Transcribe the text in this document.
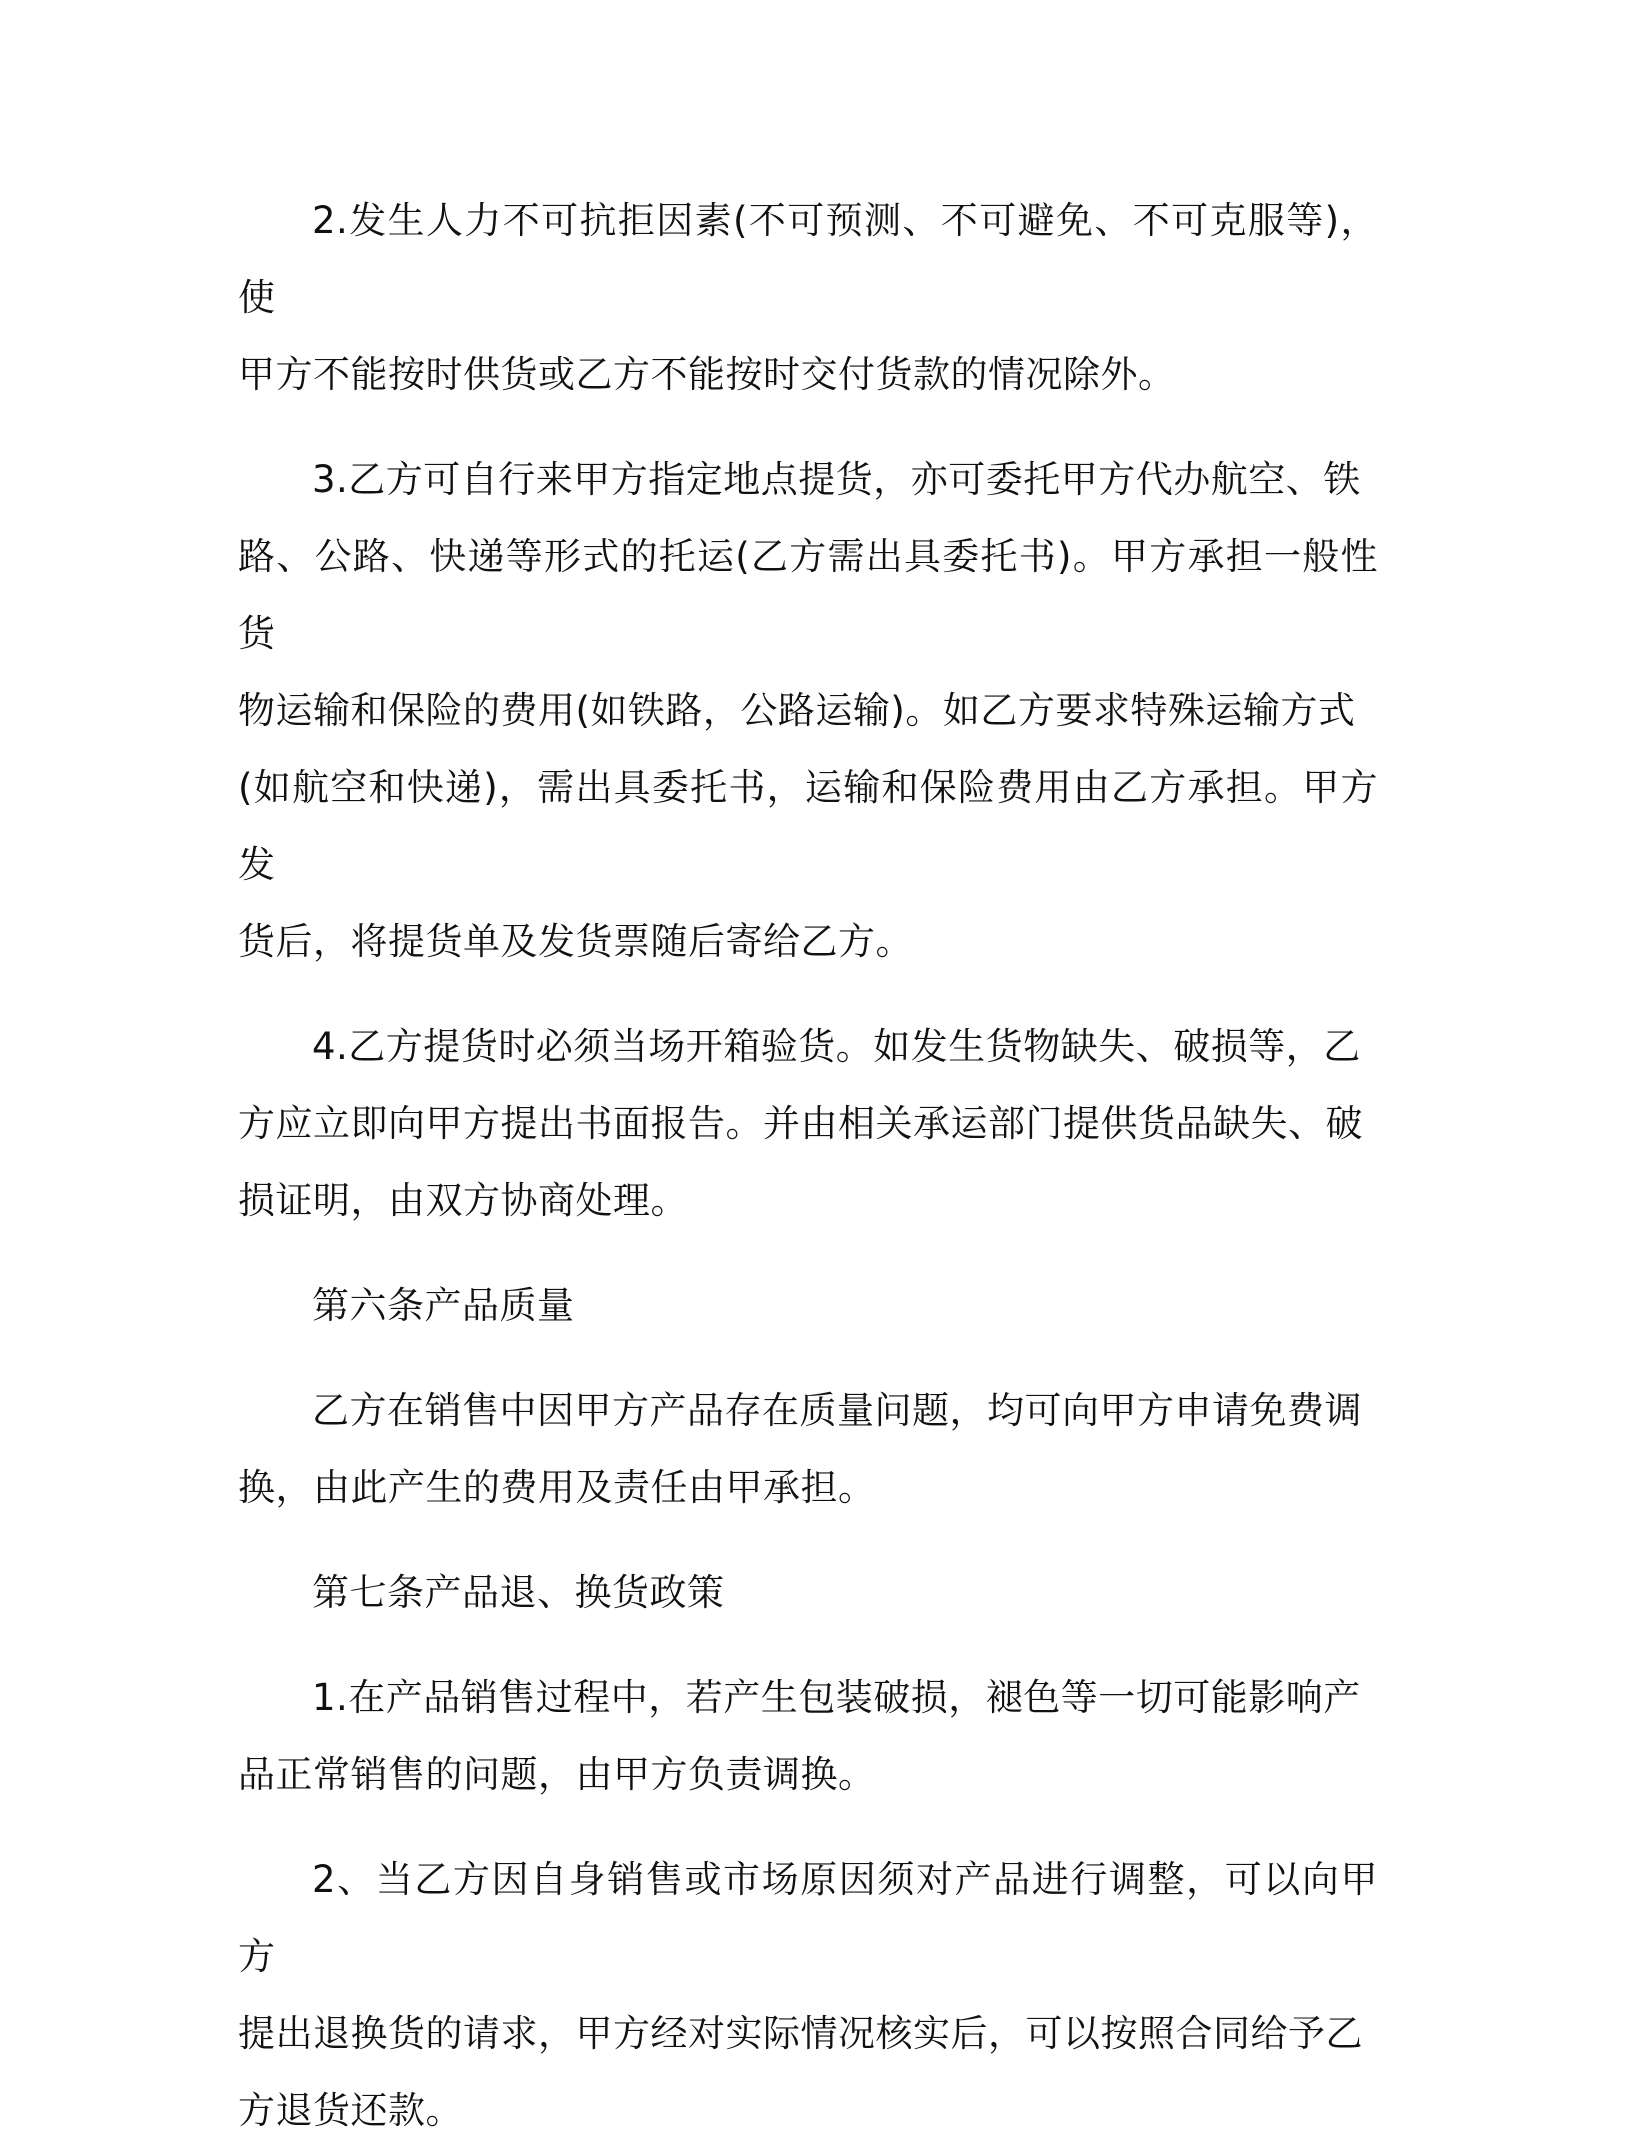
2.发生人力不可抗拒因素(不可预测、不可避免、不可克服等)，使
甲方不能按时供货或乙方不能按时交付货款的情况除外。

3.乙方可自行来甲方指定地点提货，亦可委托甲方代办航空、铁
路、公路、快递等形式的托运(乙方需出具委托书)。甲方承担一般性货
物运输和保险的费用(如铁路，公路运输)。如乙方要求特殊运输方式
(如航空和快递)，需出具委托书，运输和保险费用由乙方承担。甲方发
货后，将提货单及发货票随后寄给乙方。

4.乙方提货时必须当场开箱验货。如发生货物缺失、破损等，乙
方应立即向甲方提出书面报告。并由相关承运部门提供货品缺失、破
损证明，由双方协商处理。

第六条产品质量

乙方在销售中因甲方产品存在质量问题，均可向甲方申请免费调
换，由此产生的费用及责任由甲承担。

第七条产品退、换货政策

1.在产品销售过程中，若产生包装破损，褪色等一切可能影响产
品正常销售的问题，由甲方负责调换。

2、当乙方因自身销售或市场原因须对产品进行调整，可以向甲方
提出退换货的请求，甲方经对实际情况核实后，可以按照合同给予乙
方退货还款。
